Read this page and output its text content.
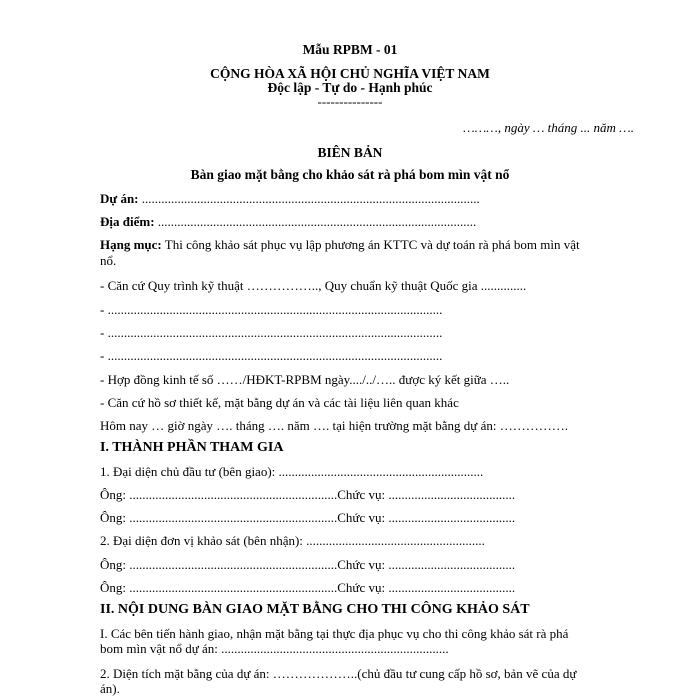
Mẫu RPBM - 01
CỘNG HÒA XÃ HỘI CHỦ NGHĨA VIỆT NAM
Độc lập - Tự do - Hạnh phúc
---------------
………, ngày … tháng ... năm ….
BIÊN BẢN
Bàn giao mặt bằng cho khảo sát rà phá bom mìn vật nổ
Dự án: ........................................................................................................
Địa điểm: ..................................................................................................
Hạng mục: Thi công khảo sát phục vụ lập phương án KTTC và dự toán rà phá bom mìn vật
nổ.
- Căn cứ Quy trình kỹ thuật …………….., Quy chuẩn kỹ thuật Quốc gia ..............
- .......................................................................................................
- .......................................................................................................
- .......................................................................................................
- Hợp đồng kinh tế số ……/HĐKT-RPBM ngày..../../….. được ký kết giữa …..
- Căn cứ hồ sơ thiết kế, mặt bằng dự án và các tài liệu liên quan khác
Hôm nay … giờ ngày …. tháng …. năm …. tại hiện trường mặt bằng dự án: …………….
I. THÀNH PHẦN THAM GIA
1. Đại diện chủ đầu tư (bên giao): ...............................................................
Ông: ................................................................Chức vụ: .......................................
Ông: ................................................................Chức vụ: .......................................
2. Đại diện đơn vị khảo sát (bên nhận): .......................................................
Ông: ................................................................Chức vụ: .......................................
Ông: ................................................................Chức vụ: .......................................
II. NỘI DUNG BÀN GIAO MẶT BẰNG CHO THI CÔNG KHẢO SÁT
I. Các bên tiến hành giao, nhận mặt bằng tại thực địa phục vụ cho thi công khảo sát rà phá
bom mìn vật nổ dự án: ......................................................................
2. Diện tích mặt bằng của dự án: ………………..(chủ đầu tư cung cấp hồ sơ, bản vẽ của dự
án).
